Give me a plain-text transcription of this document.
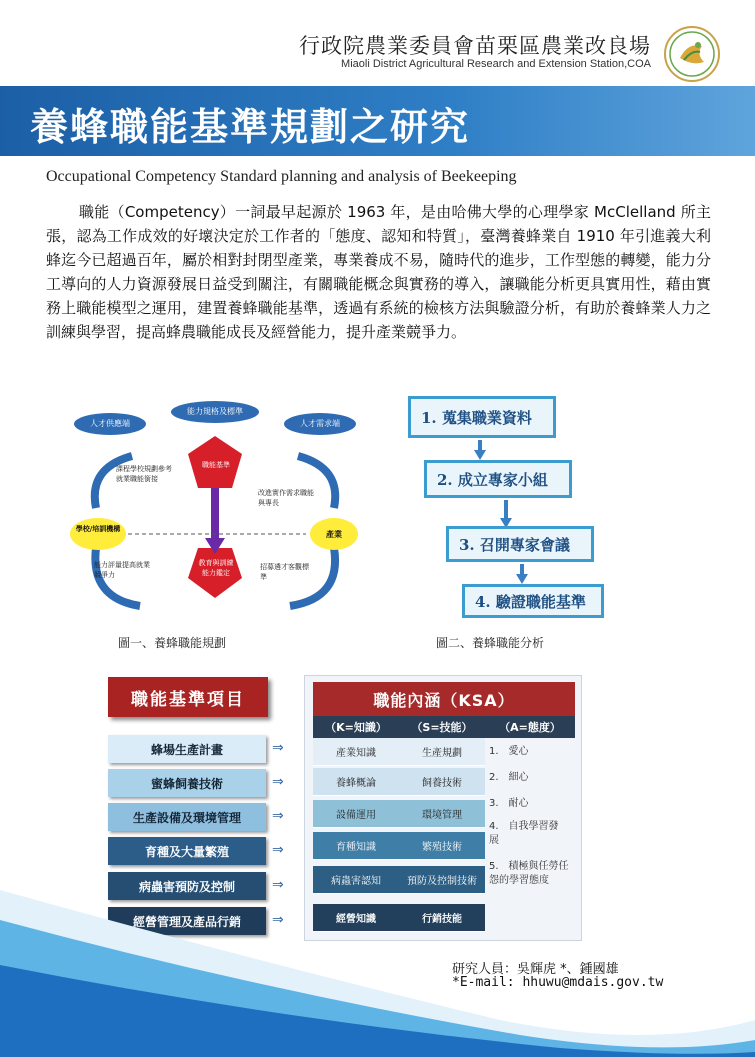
行政院農業委員會苗栗區農業改良場
Miaoli District Agricultural Research and Extension Station,COA
養蜂職能基準規劃之研究
Occupational Competency Standard planning and analysis of Beekeeping
職能（Competency）一詞最早起源於 1963 年，是由哈佛大學的心理學家 McClelland 所主張，認為工作成效的好壞決定於工作者的「態度、認知和特質」，臺灣養蜂業自 1910 年引進義大利蜂迄今已超過百年，屬於相對封閉型產業，專業養成不易，隨時代的進步，工作型態的轉變，能力分工導向的人力資源發展日益受到關注，有關職能概念與實務的導入，讓職能分析更具實用性，藉由實務上職能模型之運用，建置養蜂職能基準，透過有系統的檢核方法與驗證分析，有助於養蜂業人力之訓練與學習，提高蜂農職能成長及經營能力，提升產業競爭力。
人才供應端
能力規格及標準
人才需求端
課程學校規劃參考就業職能銜接
職能基準
改進實作需求職能與專長
學校/培訓機構
產業
能力評量提高就業競爭力
教育與訓練能力鑑定
招募遴才客觀標準
圖一、養蜂職能規劃
1. 蒐集職業資料
2. 成立專家小組
3. 召開專家會議
4. 驗證職能基準
圖二、養蜂職能分析
職能基準項目
蜂場生產計畫
蜜蜂飼養技術
生產設備及環境管理
育種及大量繁殖
病蟲害預防及控制
經營管理及產品行銷
⇒
⇒
⇒
⇒
⇒
⇒
職能內涵（KSA）
（K=知識）	（S=技能）	（A=態度）
產業知識	生產規劃
養蜂概論	飼養技術
設備運用	環境管理
育種知識	繁殖技術
病蟲害認知	預防及控制技術
經營知識	行銷技能
1.　愛心
2.　細心
3.　耐心
4.　自我學習發展
5.　積極與任勞任怨的學習態度
研究人員：吳輝虎 *、鍾國雄
*E-mail: hhuwu@mdais.gov.tw
